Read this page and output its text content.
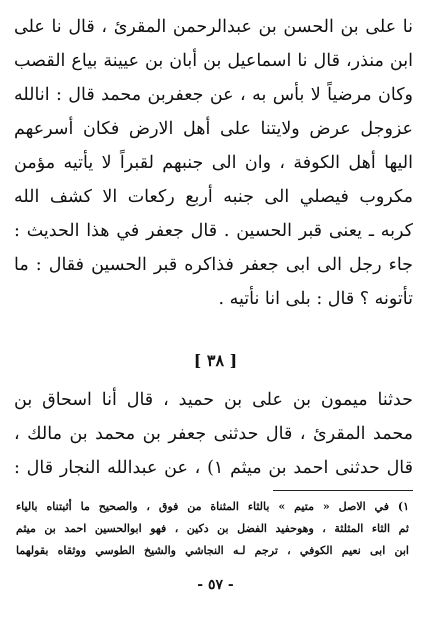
نا على بن الحسن بن عبدالرحمن المقرئ ، قال نا على
ابن منذر، قال نا اسماعيل بن أبان بن عيينة بياع القصب
وكان مرضياً لا بأس به ، عن جعفربن محمد قال : انالله
عزوجل عرض ولايتنا على أهل الارض فكان أسرعهم
اليها أهل الكوفة ، وان الى جنبهم لقبراً لا يأتيه مؤمن
مكروب فيصلي الى جنبه أربع ركعات الا كشف الله
كربه ـ يعنى قبر الحسين . قال جعفر في هذا الحديث :
جاء رجل الى ابى جعفر فذاكره قبر الحسين فقال : ما
تأتونه ؟ قال : بلى انا نأتيه .
[ ٣٨ ]
حدثنا ميمون بن على بن حميد ، قال أنا اسحاق بن
محمد المقرئ ، قال حدثنى جعفر بن محمد بن مالك ،
قال حدثنى احمد بن ميثم ١) ، عن عبدالله النجار قال :
١) في الاصل « متيم » بالثاء المثناة من فوق ، والصحيح ما أثبتناه بالياء
ثم الثاء المثلثة ، وهوحفيد الفضل بن دكين ، فهو ابوالحسين احمد بن ميثم
ابن ابى نعيم الكوفي ، ترجم لـه النجاشي والشيخ الطوسي ووثقاه بقولهما
- ٥٧ -
